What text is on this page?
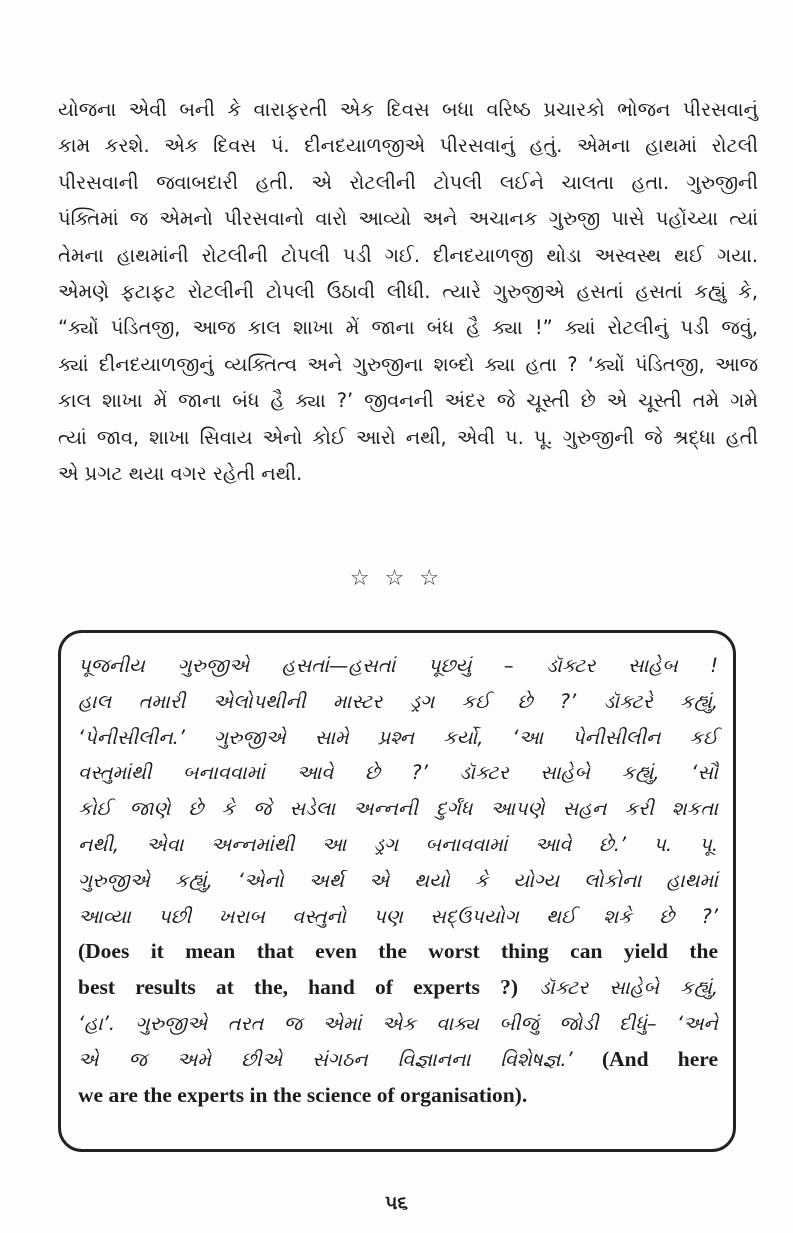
યોજના એવી બની કે વારાફરતી એક દિવસ બધા વરિષ્ઠ પ્રચારકો ભોજન પીરસવાનું
કામ કરશે. એક દિવસ પં. દીનદયાળજીએ પીરસવાનું હતું. એમના હાથમાં રોટલી
પીરસવાની જવાબદારી હતી. એ રોટલીની ટોપલી લઈને ચાલતા હતા. ગુરુજીની
પંક્તિમાં જ એમનો પીરસવાનો વારો આવ્યો અને અચાનક ગુરુજી પાસે પહોંચ્યા ત્યાં
તેમના હાથમાંની રોટલીની ટોપલી પડી ગઈ. દીનદયાળજી થોડા અસ્વસ્થ થઈ ગયા.
એમણે ફટાફટ રોટલીની ટોપલી ઉઠાવી લીધી. ત્યારે ગુરુજીએ હસતાં હસતાં કહ્યું કે,
“ક્યોં પંડિતજી, આજ કાલ શાખા મેં જાના બંધ હૈ ક્યા !” ક્યાં રોટલીનું પડી જવું,
ક્યાં દીનદયાળજીનું વ્યક્તિત્વ અને ગુરુજીના શબ્દો ક્યા હતા ? ‘ક્યોં પંડિતજી, આજ
કાલ શાખા મેં જાના બંધ હૈ ક્યા ?’ જીવનની અંદર જે ચૂસ્તી છે એ ચૂસ્તી તમે ગમે
ત્યાં જાવ, શાખા સિવાય એનો કોઈ આરો નથી, એવી પ. પૂ. ગુરુજીની જે શ્રદ્ધા હતી
એ પ્રગટ થયા વગર રહેતી નથી.
☆ ☆ ☆
પૂજનીય ગુરુજીએ હસતાં—હસતાં પૂછયું – ડૉક્ટર સાહેબ !
હાલ તમારી એલોપથીની માસ્ટર ડ્રગ કઈ છે ?’ ડૉક્ટરે કહ્યું,
‘પેનીસીલીન.’ ગુરુજીએ સામે પ્રશ્ન કર્યો, ‘આ પેનીસીલીન કઈ
વસ્તુમાંથી બનાવવામાં આવે છે ?’ ડૉક્ટર સાહેબે કહ્યું, ‘સૌ
કોઈ જાણે છે કે જે સડેલા અન્નની દુર્ગંધ આપણે સહન કરી શકતા
નથી, એવા અન્નમાંથી આ ડ્રગ બનાવવામાં આવે છે.’ પ. પૂ.
ગુરુજીએ કહ્યું, ‘એનો અર્થ એ થયો કે યોગ્ય લોકોના હાથમાં
આવ્યા પછી ખરાબ વસ્તુનો પણ સદ્ઉપયોગ થઈ શકે છે ?’
(Does it mean that even the worst thing can yield the
best results at the, hand of experts ?) ડૉક્ટર સાહેબે કહ્યું,
‘હા’. ગુરુજીએ તરત જ એમાં એક વાક્ય બીજું જોડી દીધું– ‘અને
એ જ અમે છીએ સંગઠન વિજ્ઞાનના વિશેષજ્ઞ.’ (And here
we are the experts in the science of organisation).
૫૬
